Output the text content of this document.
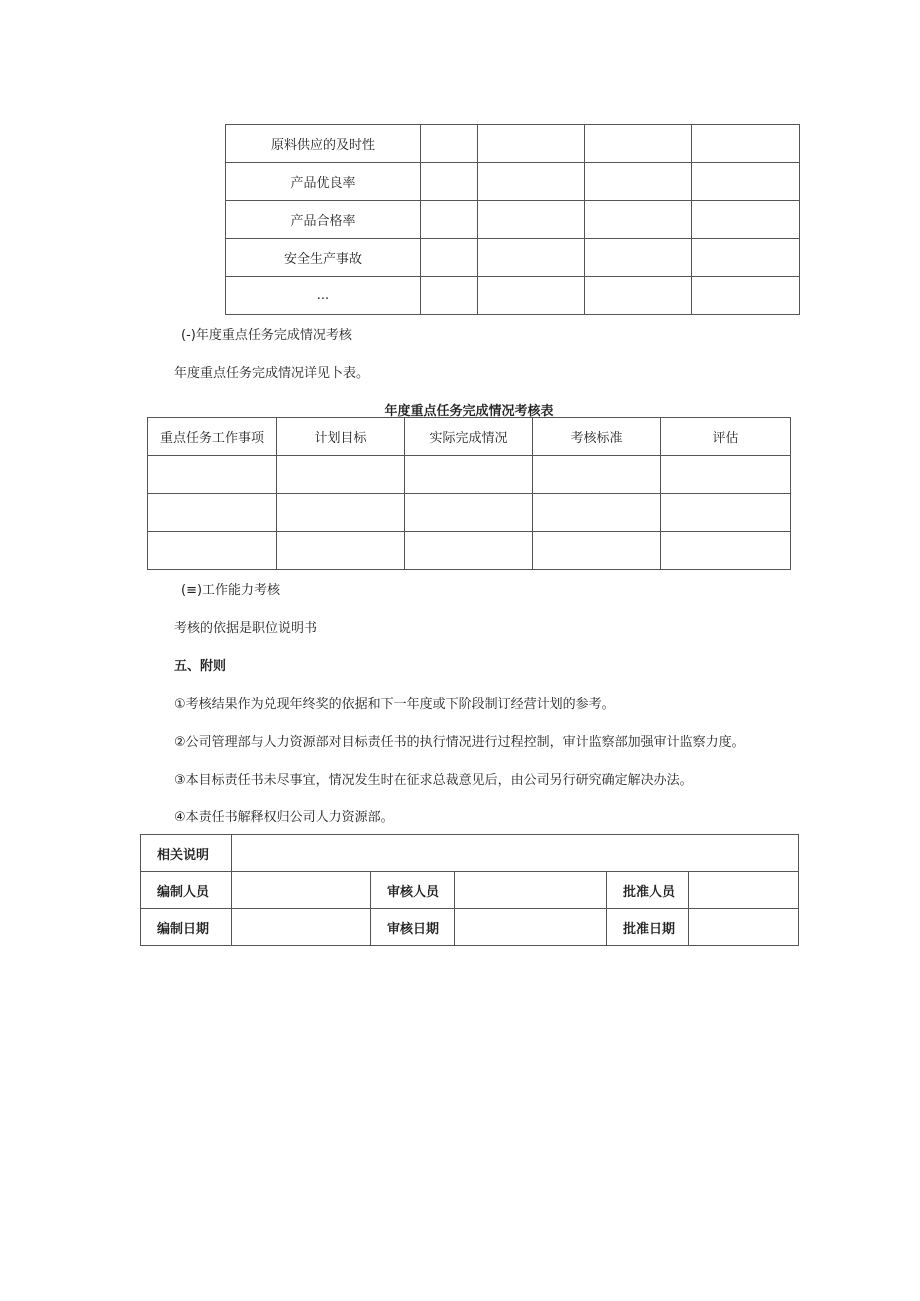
原料供应的及时性				
产品优良率				
产品合格率				
安全生产事故				
...				
(-)年度重点任务完成情况考核
年度重点任务完成情况详见卜表。
年度重点任务完成情况考核表
重点任务工作事项	计划目标	实际完成情况	考核标准	评估

(≡)工作能力考核
考核的依据是职位说明书
五、附则
①考核结果作为兑现年终奖的依据和下一年度或下阶段制订经营计划的参考。
②公司管理部与人力资源部对目标责任书的执行情况进行过程控制，审计监察部加强审计监察力度。
③本目标责任书未尽事宜，情况发生时在征求总裁意见后，由公司另行研究确定解决办法。
④本责任书解释权归公司人力资源部。
相关说明					
编制人员		审核人员		批准人员	
编制日期		审核日期		批准日期	
